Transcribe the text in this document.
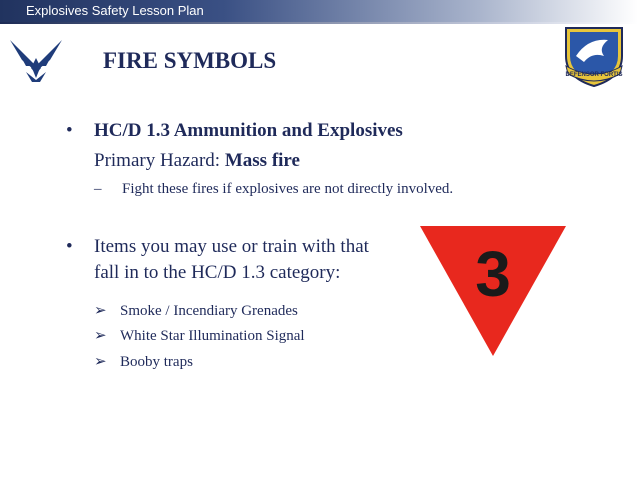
Explosives Safety Lesson Plan
DEFENSOR FORTIS
FIRE SYMBOLS
• HC/D 1.3 Ammunition and Explosives
Primary Hazard: Mass fire
– Fight these fires if explosives are not directly involved.
• Items you may use or train with that
fall in to the HC/D 1.3 category:
➢ Smoke / Incendiary Grenades
➢ White Star Illumination Signal
➢ Booby traps
3
